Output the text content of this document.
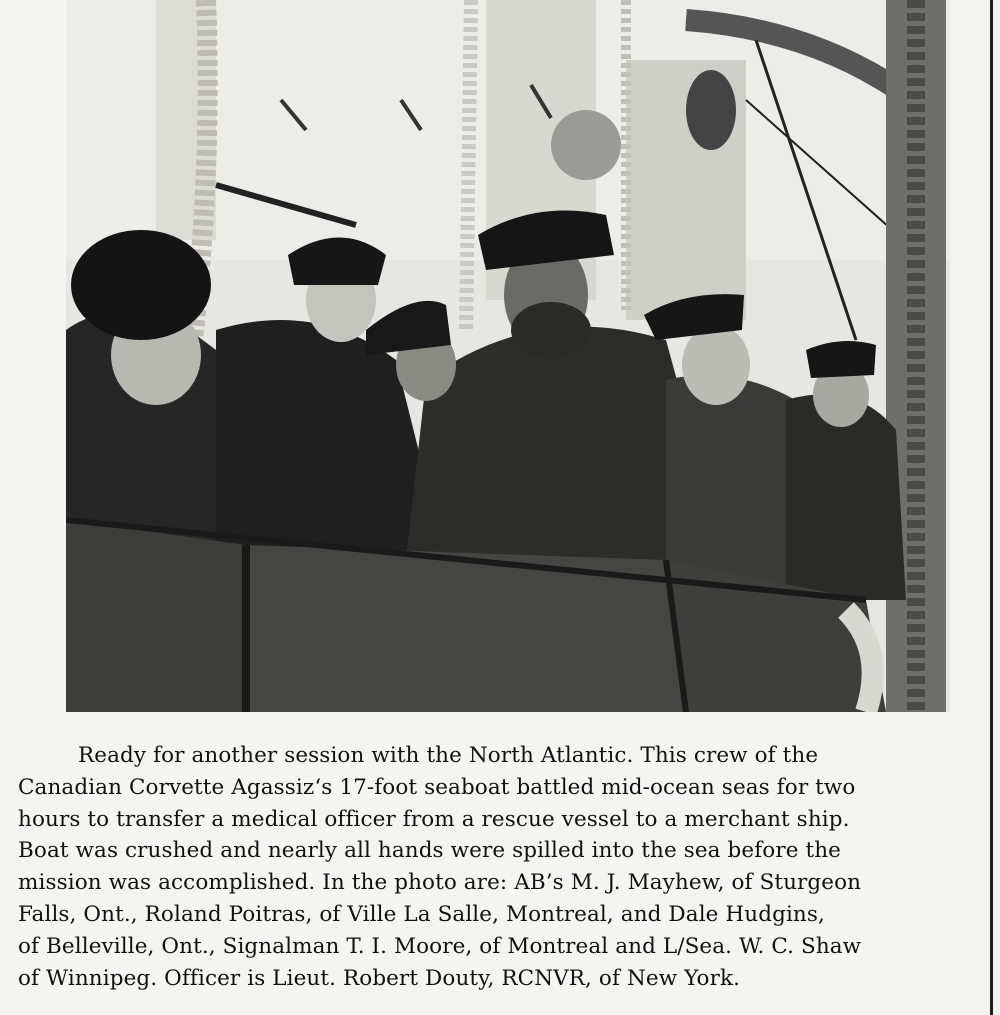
Ready for another session with the North Atlantic. This crew of the
Canadian Corvette Agassiz‘s 17-foot seaboat battled mid-ocean seas for two
hours to transfer a medical officer from a rescue vessel to a merchant ship.
Boat was crushed and nearly all hands were spilled into the sea before the
mission was accomplished. In the photo are: AB’s M. J. Mayhew, of Sturgeon
Falls, Ont., Roland Poitras, of Ville La Salle, Montreal, and Dale Hudgins,
of Belleville, Ont., Signalman T. I. Moore, of Montreal and L/Sea. W. C. Shaw
of Winnipeg. Officer is Lieut. Robert Douty, RCNVR, of New York.
